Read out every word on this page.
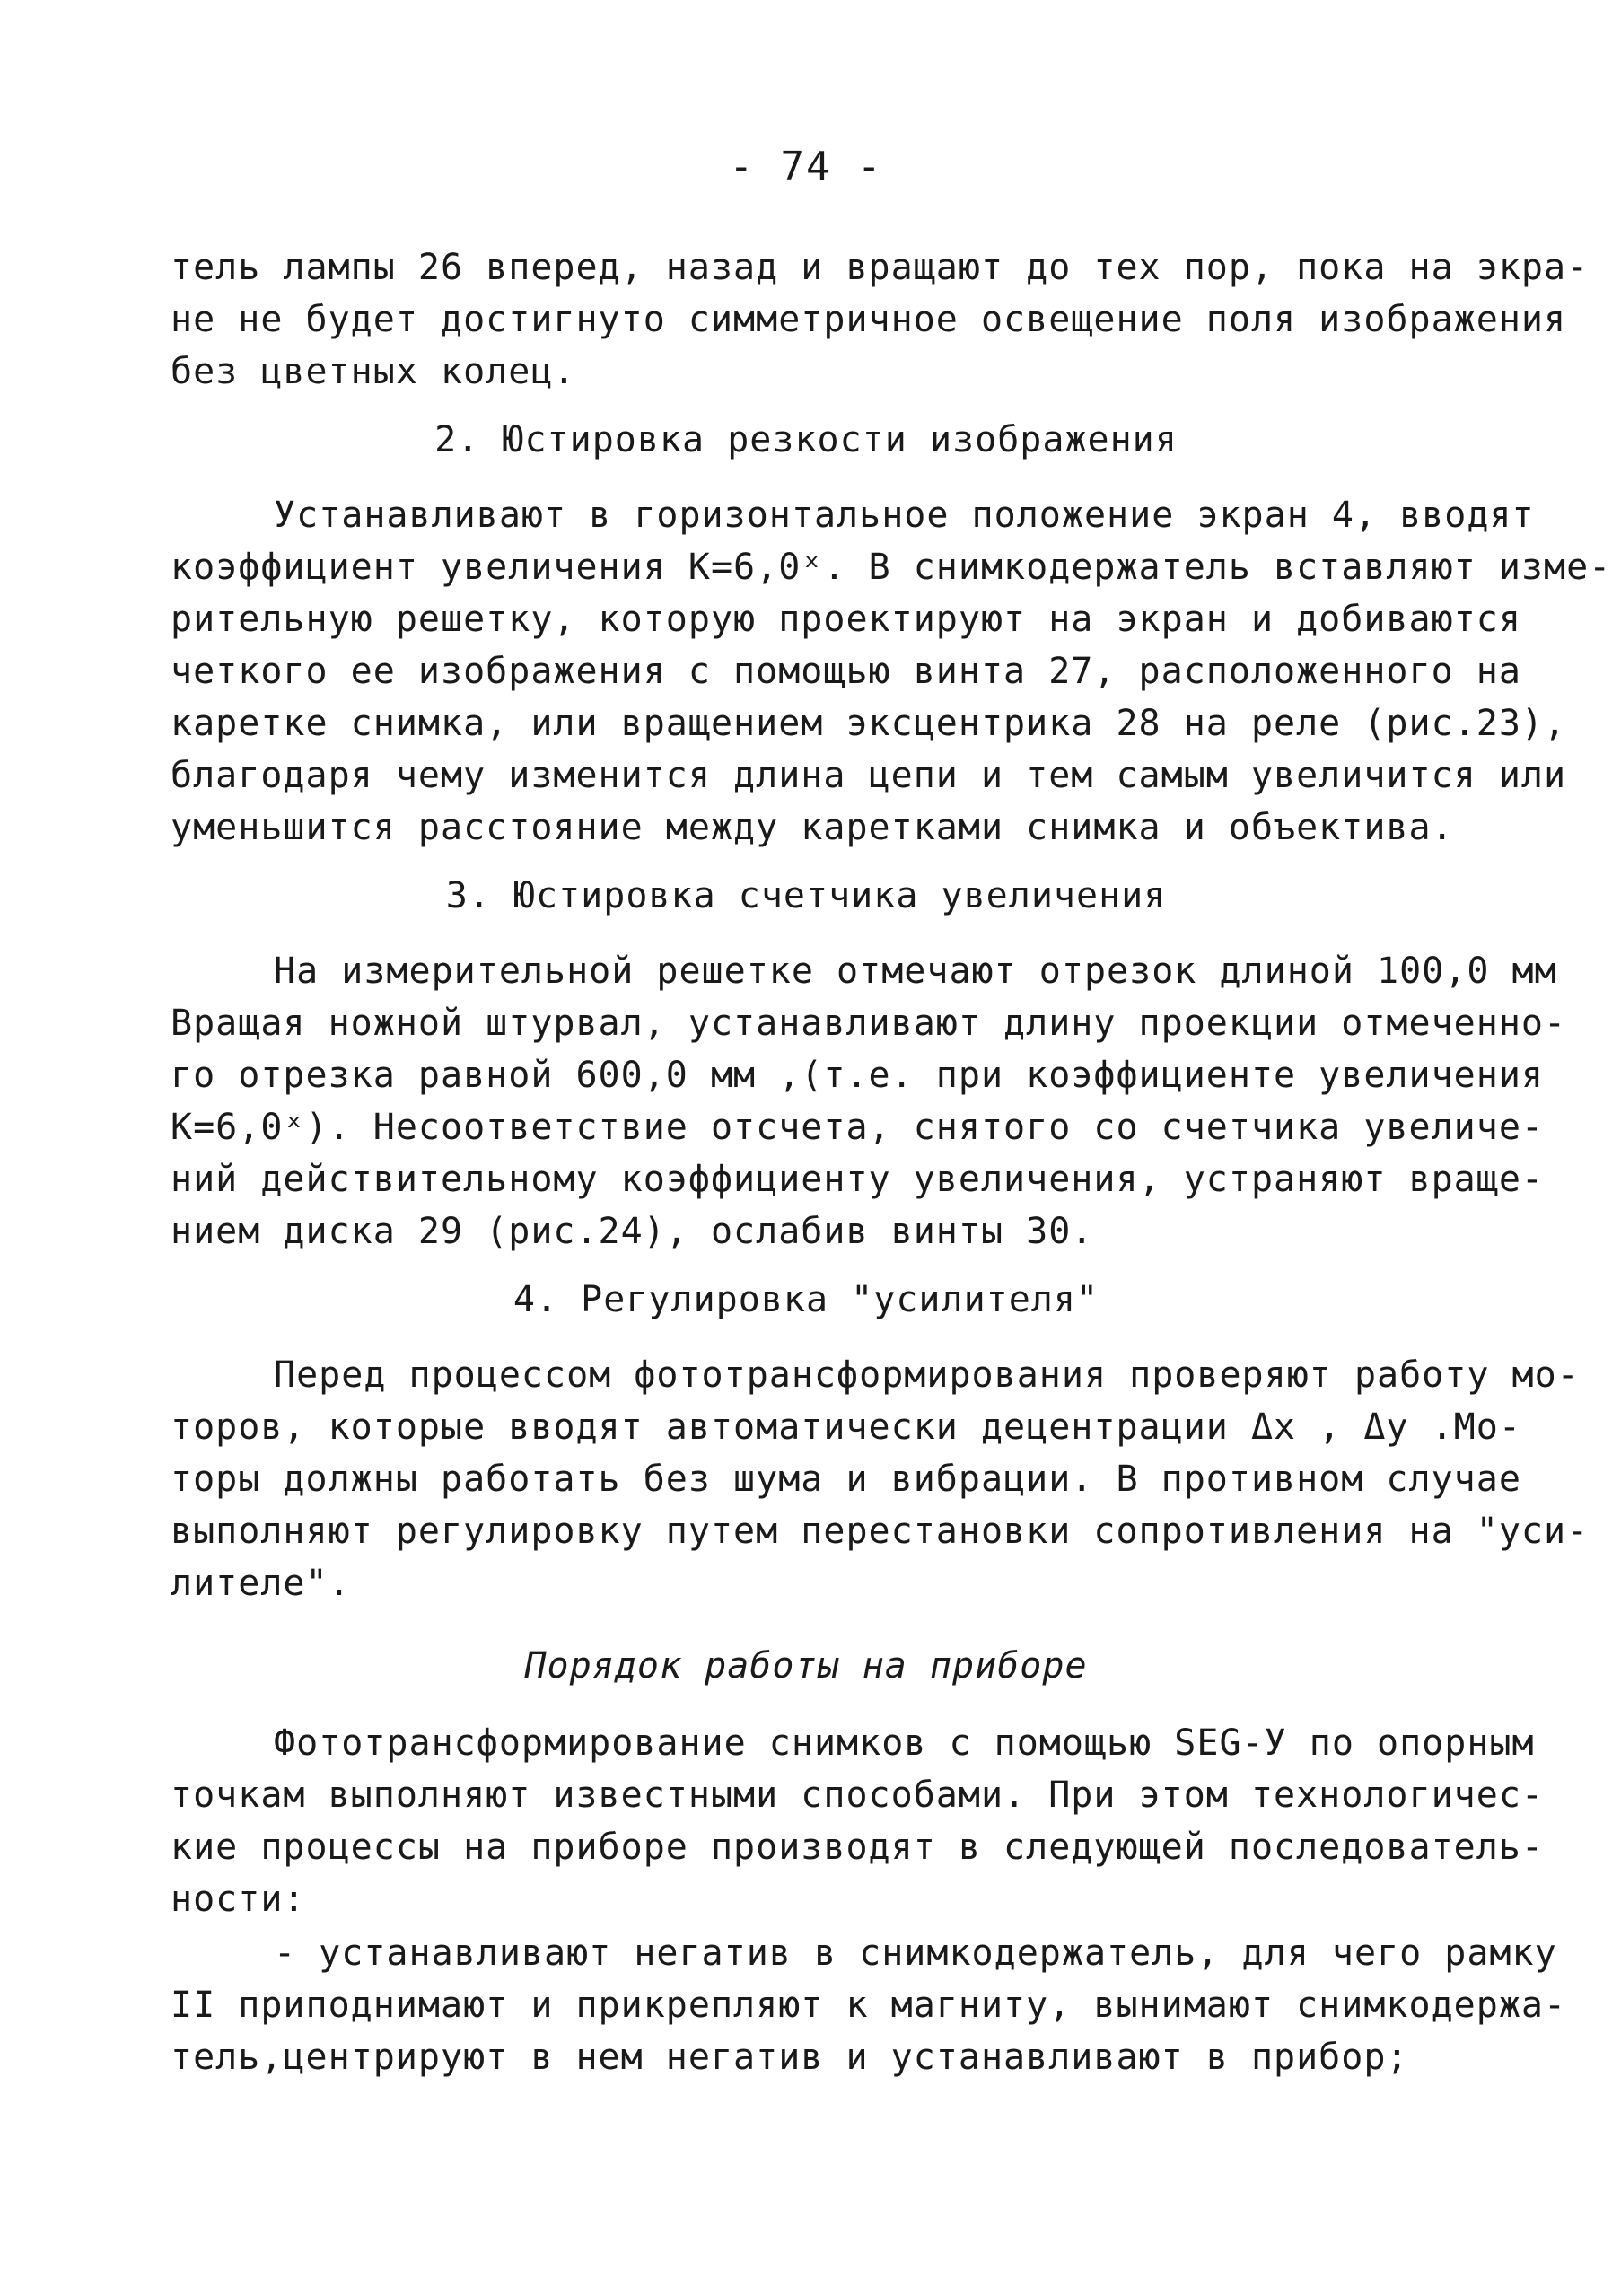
- 74 -
тель лампы 26 вперед, назад и вращают до тех пор, пока на экра-
не не будет достигнуто симметричное освещение поля изображения
без цветных колец.
2. Юстировка резкости изображения
Устанавливают в горизонтальное положение экран 4, вводят
коэффициент увеличения К=6,0ˣ. В снимкодержатель вставляют изме-
рительную решетку, которую проектируют на экран и добиваются
четкого ее изображения с помощью винта 27, расположенного на
каретке снимка, или вращением эксцентрика 28 на реле (рис.23),
благодаря чему изменится длина цепи и тем самым увеличится или
уменьшится расстояние между каретками снимка и объектива.
3. Юстировка счетчика увеличения
На измерительной решетке отмечают отрезок длиной 100,0 мм
Вращая ножной штурвал, устанавливают длину проекции отмеченно-
го отрезка равной 600,0 мм ,(т.е. при коэффициенте увеличения
К=6,0ˣ). Несоответствие отсчета, снятого со счетчика увеличе-
ний действительному коэффициенту увеличения, устраняют враще-
нием диска 29 (рис.24), ослабив винты 30.
4. Регулировка "усилителя"
Перед процессом фототрансформирования проверяют работу мо-
торов, которые вводят автоматически децентрации Δx , Δy .Мо-
торы должны работать без шума и вибрации. В противном случае
выполняют регулировку путем перестановки сопротивления на "уси-
лителе".
Порядок работы на приборе
Фототрансформирование снимков с помощью SEG-У по опорным
точкам выполняют известными способами. При этом технологичес-
кие процессы на приборе производят в следующей последователь-
ности:
- устанавливают негатив в снимкодержатель, для чего рамку
II приподнимают и прикрепляют к магниту, вынимают снимкодержа-
тель,центрируют в нем негатив и устанавливают в прибор;
